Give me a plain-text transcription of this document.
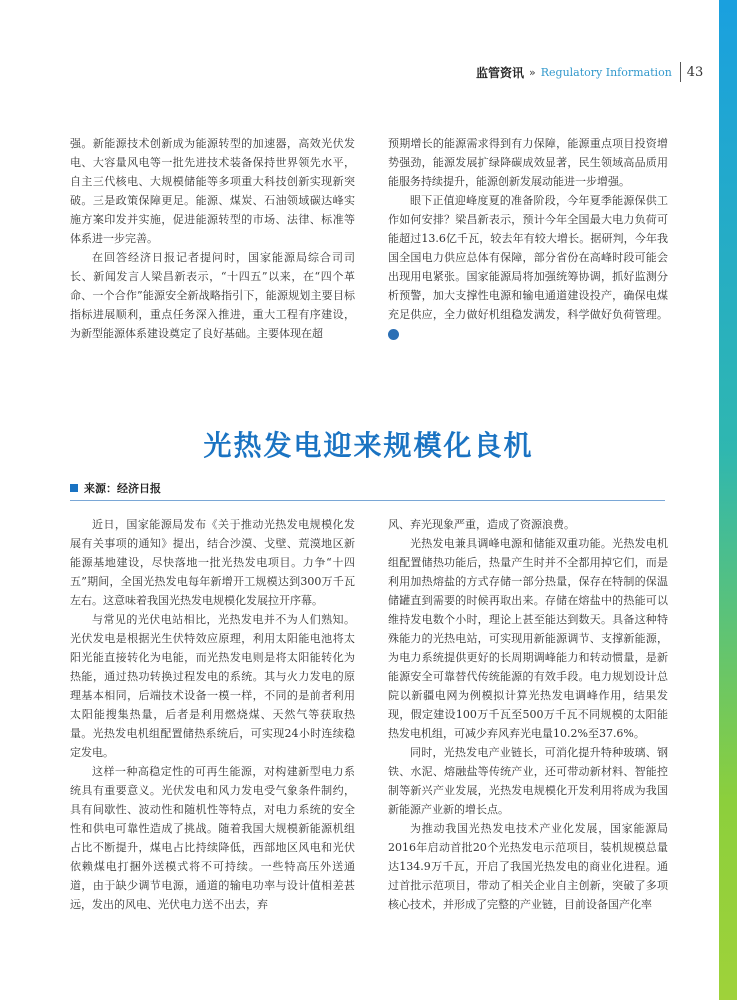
监管资讯 » Regulatory Information 43

强。新能源技术创新成为能源转型的加速器，高效光伏发电、大容量风电等一批先进技术装备保持世界领先水平，自主三代核电、大规模储能等多项重大科技创新实现新突破。三是政策保障更足。能源、煤炭、石油领域碳达峰实施方案印发并实施，促进能源转型的市场、法律、标准等体系进一步完善。

在回答经济日报记者提问时，国家能源局综合司司长、新闻发言人梁昌新表示，“十四五”以来，在“四个革命、一个合作”能源安全新战略指引下，能源规划主要目标指标进展顺利，重点任务深入推进，重大工程有序建设，为新型能源体系建设奠定了良好基础。主要体现在超

预期增长的能源需求得到有力保障，能源重点项目投资增势强劲，能源发展扩绿降碳成效显著，民生领域高品质用能服务持续提升，能源创新发展动能进一步增强。

眼下正值迎峰度夏的准备阶段，今年夏季能源保供工作如何安排？梁昌新表示，预计今年全国最大电力负荷可能超过13.6亿千瓦，较去年有较大增长。据研判，今年我国全国电力供应总体有保障，部分省份在高峰时段可能会出现用电紧张。国家能源局将加强统筹协调，抓好监测分析预警，加大支撑性电源和输电通道建设投产，确保电煤充足供应，全力做好机组稳发满发，科学做好负荷管理。C

光热发电迎来规模化良机
来源：经济日报

近日，国家能源局发布《关于推动光热发电规模化发展有关事项的通知》提出，结合沙漠、戈壁、荒漠地区新能源基地建设，尽快落地一批光热发电项目。力争“十四五”期间，全国光热发电每年新增开工规模达到300万千瓦左右。这意味着我国光热发电规模化发展拉开序幕。

与常见的光伏电站相比，光热发电并不为人们熟知。光伏发电是根据光生伏特效应原理，利用太阳能电池将太阳光能直接转化为电能，而光热发电则是将太阳能转化为热能，通过热功转换过程发电的系统。其与火力发电的原理基本相同，后端技术设备一模一样，不同的是前者利用太阳能搜集热量，后者是利用燃烧煤、天然气等获取热量。光热发电机组配置储热系统后，可实现24小时连续稳定发电。

这样一种高稳定性的可再生能源，对构建新型电力系统具有重要意义。光伏发电和风力发电受气象条件制约，具有间歇性、波动性和随机性等特点，对电力系统的安全性和供电可靠性造成了挑战。随着我国大规模新能源机组占比不断提升，煤电占比持续降低，西部地区风电和光伏依赖煤电打捆外送模式将不可持续。一些特高压外送通道，由于缺少调节电源，通道的输电功率与设计值相差甚远，发出的风电、光伏电力送不出去，弃

风、弃光现象严重，造成了资源浪费。

光热发电兼具调峰电源和储能双重功能。光热发电机组配置储热功能后，热量产生时并不全都用掉它们，而是利用加热熔盐的方式存储一部分热量，保存在特制的保温储罐直到需要的时候再取出来。存储在熔盐中的热能可以维持发电数个小时，理论上甚至能达到数天。具备这种特殊能力的光热电站，可实现用新能源调节、支撑新能源，为电力系统提供更好的长周期调峰能力和转动惯量，是新能源安全可靠替代传统能源的有效手段。电力规划设计总院以新疆电网为例模拟计算光热发电调峰作用，结果发现，假定建设100万千瓦至500万千瓦不同规模的太阳能热发电机组，可减少弃风弃光电量10.2%至37.6%。

同时，光热发电产业链长，可消化提升特种玻璃、钢铁、水泥、熔融盐等传统产业，还可带动新材料、智能控制等新兴产业发展，光热发电规模化开发利用将成为我国新能源产业新的增长点。

为推动我国光热发电技术产业化发展，国家能源局2016年启动首批20个光热发电示范项目，装机规模总量达134.9万千瓦，开启了我国光热发电的商业化进程。通过首批示范项目，带动了相关企业自主创新，突破了多项核心技术，并形成了完整的产业链，目前设备国产化率
